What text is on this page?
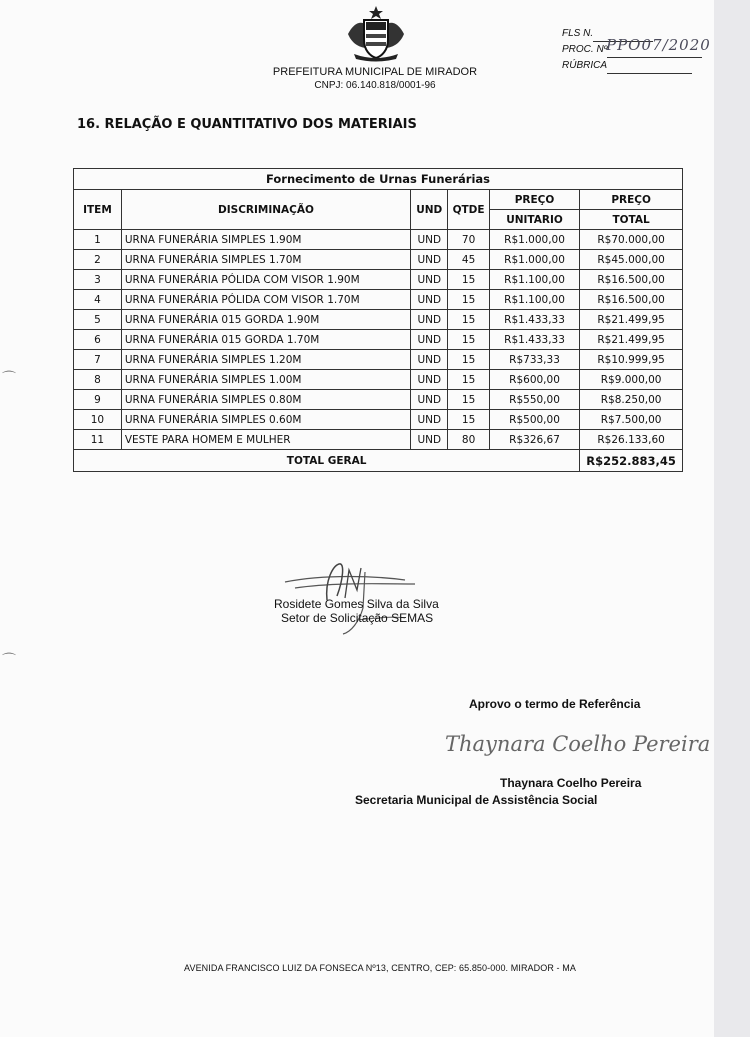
PREFEITURA MUNICIPAL DE MIRADOR
CNPJ: 06.140.818/0001-96
FLS N.
PROC. Nº
PPO07/2020
RÚBRICA
16. RELAÇÃO E QUANTITATIVO DOS MATERIAIS
Fornecimento de Urnas Funerárias					
ITEM	DISCRIMINAÇÃO	UND	QTDE	PREÇO	PREÇO
				UNITARIO	TOTAL
1	URNA FUNERÁRIA SIMPLES 1.90M	UND	70	R$1.000,00	R$70.000,00
2	URNA FUNERÁRIA SIMPLES 1.70M	UND	45	R$1.000,00	R$45.000,00
3	URNA FUNERÁRIA PÓLIDA COM VISOR 1.90M	UND	15	R$1.100,00	R$16.500,00
4	URNA FUNERÁRIA PÓLIDA COM VISOR 1.70M	UND	15	R$1.100,00	R$16.500,00
5	URNA FUNERÁRIA 015 GORDA 1.90M	UND	15	R$1.433,33	R$21.499,95
6	URNA FUNERÁRIA 015 GORDA 1.70M	UND	15	R$1.433,33	R$21.499,95
7	URNA FUNERÁRIA SIMPLES 1.20M	UND	15	R$733,33	R$10.999,95
8	URNA FUNERÁRIA SIMPLES 1.00M	UND	15	R$600,00	R$9.000,00
9	URNA FUNERÁRIA SIMPLES 0.80M	UND	15	R$550,00	R$8.250,00
10	URNA FUNERÁRIA SIMPLES 0.60M	UND	15	R$500,00	R$7.500,00
11	VESTE PARA HOMEM E MULHER	UND	80	R$326,67	R$26.133,60
TOTAL GERAL					R$252.883,45
Rosidete Gomes Silva da Silva
Setor de Solicitação SEMAS
Aprovo o termo de Referência
Thaynara Coelho Pereira
Thaynara Coelho Pereira
Secretaria Municipal de Assistência Social
⌒
⌒
AVENIDA FRANCISCO LUIZ DA FONSECA Nº13, CENTRO, CEP: 65.850-000. MIRADOR - MA
